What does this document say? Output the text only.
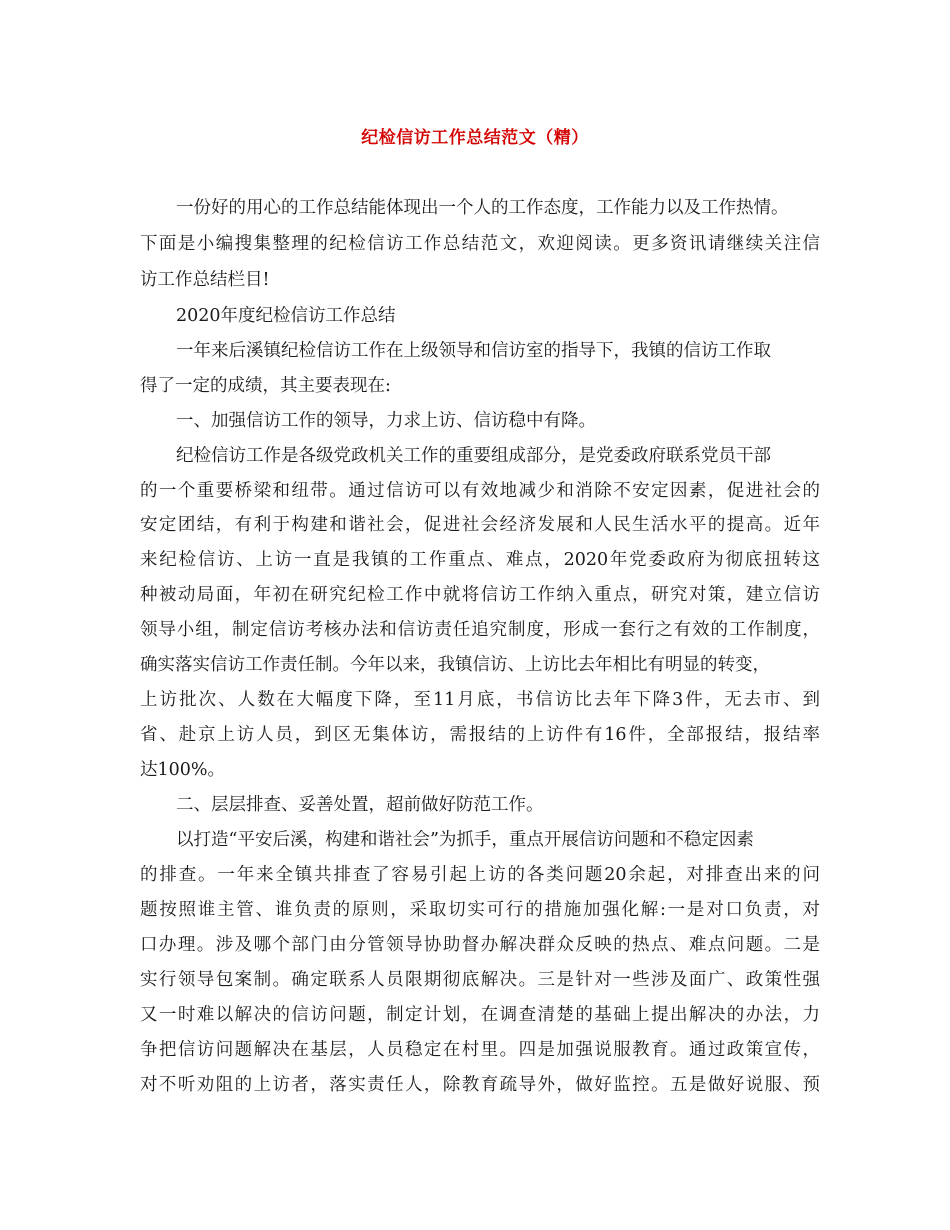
纪检信访工作总结范文（精）
一份好的用心的工作总结能体现出一个人的工作态度，工作能力以及工作热情。
下面是小编搜集整理的纪检信访工作总结范文，欢迎阅读。更多资讯请继续关注信
访工作总结栏目!
2020年度纪检信访工作总结
一年来后溪镇纪检信访工作在上级领导和信访室的指导下，我镇的信访工作取
得了一定的成绩，其主要表现在:
一、加强信访工作的领导，力求上访、信访稳中有降。
纪检信访工作是各级党政机关工作的重要组成部分，是党委政府联系党员干部
的一个重要桥梁和纽带。通过信访可以有效地减少和消除不安定因素，促进社会的
安定团结，有利于构建和谐社会，促进社会经济发展和人民生活水平的提高。近年
来纪检信访、上访一直是我镇的工作重点、难点，2020年党委政府为彻底扭转这
种被动局面，年初在研究纪检工作中就将信访工作纳入重点，研究对策，建立信访
领导小组，制定信访考核办法和信访责任追究制度，形成一套行之有效的工作制度，
确实落实信访工作责任制。今年以来，我镇信访、上访比去年相比有明显的转变，
上访批次、人数在大幅度下降，至11月底，书信访比去年下降3件，无去市、到
省、赴京上访人员，到区无集体访，需报结的上访件有16件，全部报结，报结率
达100%。
二、层层排查、妥善处置，超前做好防范工作。
以打造“平安后溪，构建和谐社会”为抓手，重点开展信访问题和不稳定因素
的排查。一年来全镇共排查了容易引起上访的各类问题20余起，对排查出来的问
题按照谁主管、谁负责的原则，采取切实可行的措施加强化解:一是对口负责，对
口办理。涉及哪个部门由分管领导协助督办解决群众反映的热点、难点问题。二是
实行领导包案制。确定联系人员限期彻底解决。三是针对一些涉及面广、政策性强
又一时难以解决的信访问题，制定计划，在调查清楚的基础上提出解决的办法，力
争把信访问题解决在基层，人员稳定在村里。四是加强说服教育。通过政策宣传，
对不听劝阻的上访者，落实责任人，除教育疏导外，做好监控。五是做好说服、预
